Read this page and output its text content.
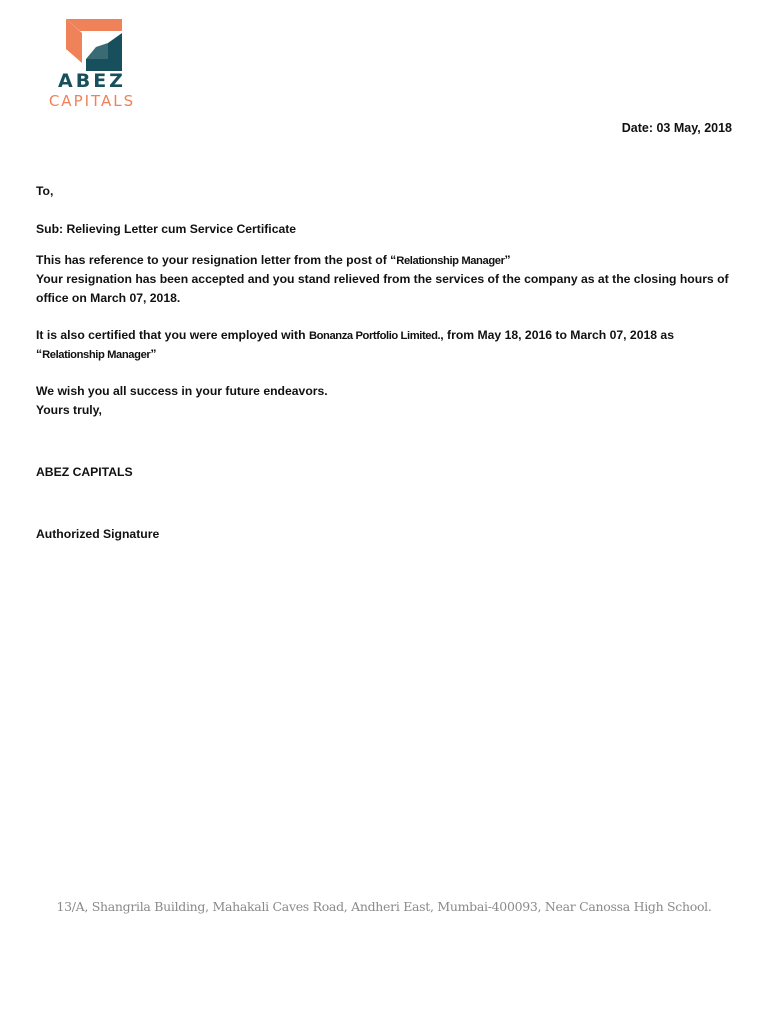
ABEZ
CAPITALS
Date: 03 May, 2018
To,
Sub: Relieving Letter cum Service Certificate
This has reference to your resignation letter from the post of “Relationship Manager”
Your resignation has been accepted and you stand relieved from the services of the company as at the closing hours of
office on March 07, 2018.
It is also certified that you were employed with Bonanza Portfolio Limited., from May 18, 2016 to March 07, 2018 as
“Relationship Manager”
We wish you all success in your future endeavors.
Yours truly,
ABEZ CAPITALS
Authorized Signature
13/A, Shangrila Building, Mahakali Caves Road, Andheri East, Mumbai-400093, Near Canossa High School.
